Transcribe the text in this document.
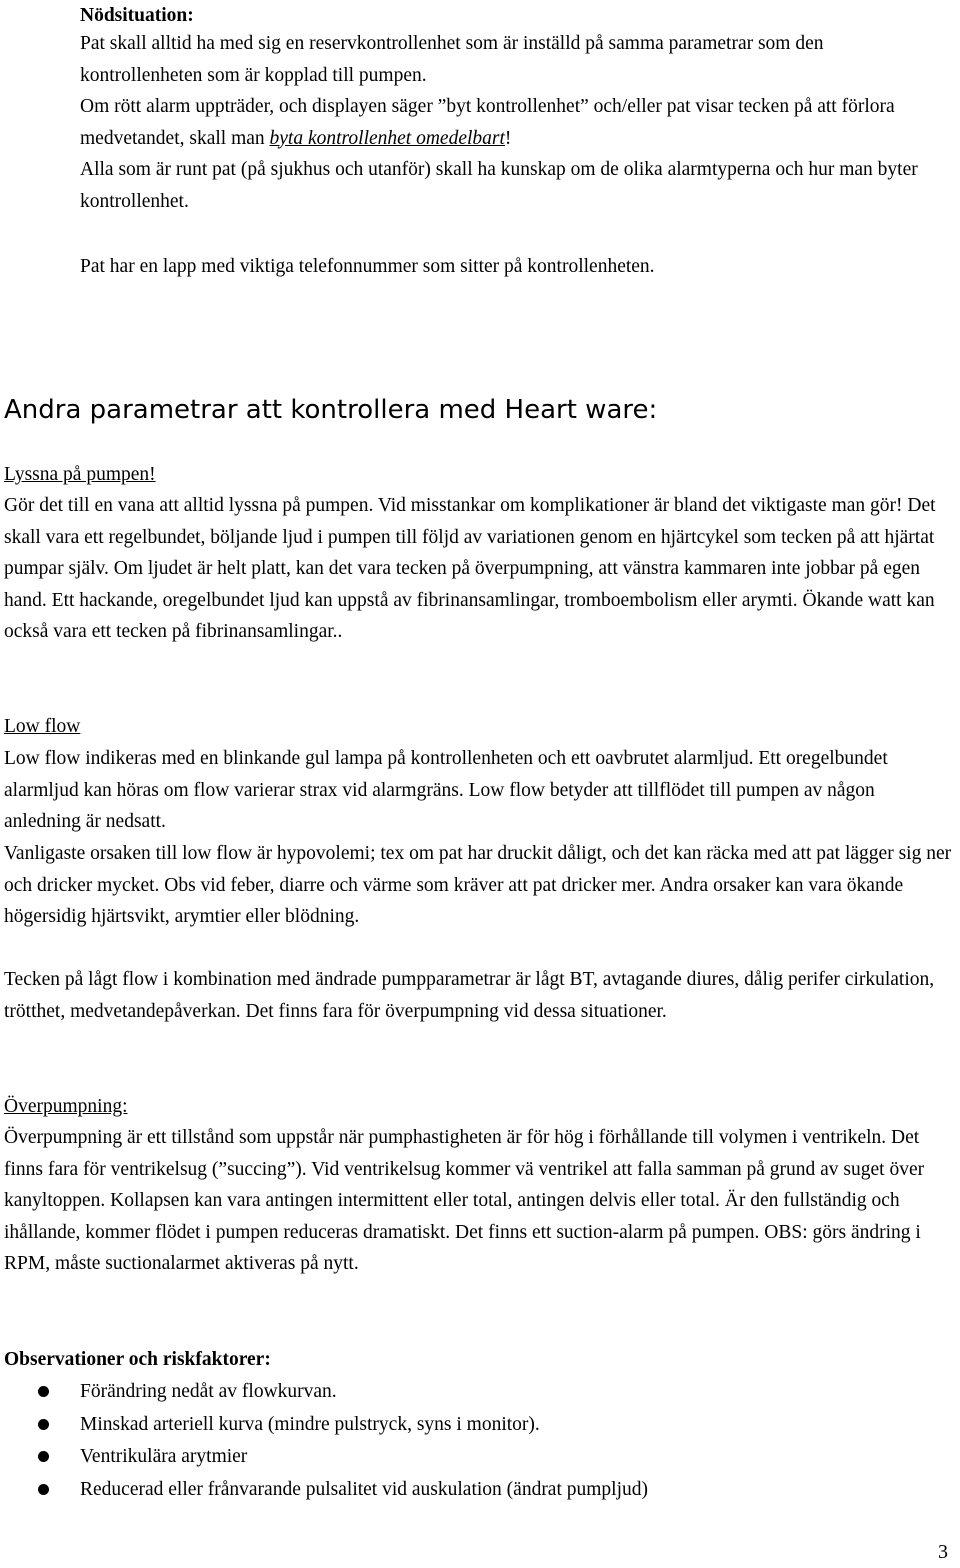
Nödsituation:

Pat skall alltid ha med sig en reservkontrollenhet som är inställd på samma parametrar som den kontrollenheten som är kopplad till pumpen.

Om rött alarm uppträder, och displayen säger ”byt kontrollenhet” och/eller pat visar tecken på att förlora medvetandet, skall man byta kontrollenhet omedelbart!

Alla som är runt pat (på sjukhus och utanför) skall ha kunskap om de olika alarmtyperna och hur man byter kontrollenhet.

Pat har en lapp med viktiga telefonnummer som sitter på kontrollenheten.

Andra parametrar att kontrollera med Heart ware:

Lyssna på pumpen!

Gör det till en vana att alltid lyssna på pumpen. Vid misstankar om komplikationer är bland det viktigaste man gör! Det skall vara ett regelbundet, böljande ljud i pumpen till följd av variationen genom en hjärtcykel som tecken på att hjärtat pumpar själv. Om ljudet är helt platt, kan det vara tecken på överpumpning, att vänstra kammaren inte jobbar på egen hand. Ett hackande, oregelbundet ljud kan uppstå av fibrinansamlingar, tromboembolism eller arymti. Ökande watt kan också vara ett tecken på fibrinansamlingar..

Low flow

Low flow indikeras med en blinkande gul lampa på kontrollenheten och ett oavbrutet alarmljud. Ett oregelbundet alarmljud kan höras om flow varierar strax vid alarmgräns. Low flow betyder att tillflödet till pumpen av någon anledning är nedsatt.

Vanligaste orsaken till low flow är hypovolemi; tex om pat har druckit dåligt, och det kan räcka med att pat lägger sig ner och dricker mycket. Obs vid feber, diarre och värme som kräver att pat dricker mer. Andra orsaker kan vara ökande högersidig hjärtsvikt, arymtier eller blödning.

Tecken på lågt flow i kombination med ändrade pumpparametrar är lågt BT, avtagande diures, dålig perifer cirkulation, trötthet, medvetandepåverkan. Det finns fara för överpumpning vid dessa situationer.

Överpumpning:

Överpumpning är ett tillstånd som uppstår när pumphastigheten är för hög i förhållande till volymen i ventrikeln. Det finns fara för ventrikelsug (”succing”). Vid ventrikelsug kommer vä ventrikel att falla samman på grund av suget över kanyltoppen. Kollapsen kan vara antingen intermittent eller total, antingen delvis eller total. Är den fullständig och ihållande, kommer flödet i pumpen reduceras dramatiskt. Det finns ett suction-alarm på pumpen. OBS: görs ändring i RPM, måste suctionalarmet aktiveras på nytt.

Observationer och riskfaktorer:

Förändring nedåt av flowkurvan.
Minskad arteriell kurva (mindre pulstryck, syns i monitor).
Ventrikulära arytmier
Reducerad eller frånvarande pulsalitet vid auskulation (ändrat pumpljud)
3
